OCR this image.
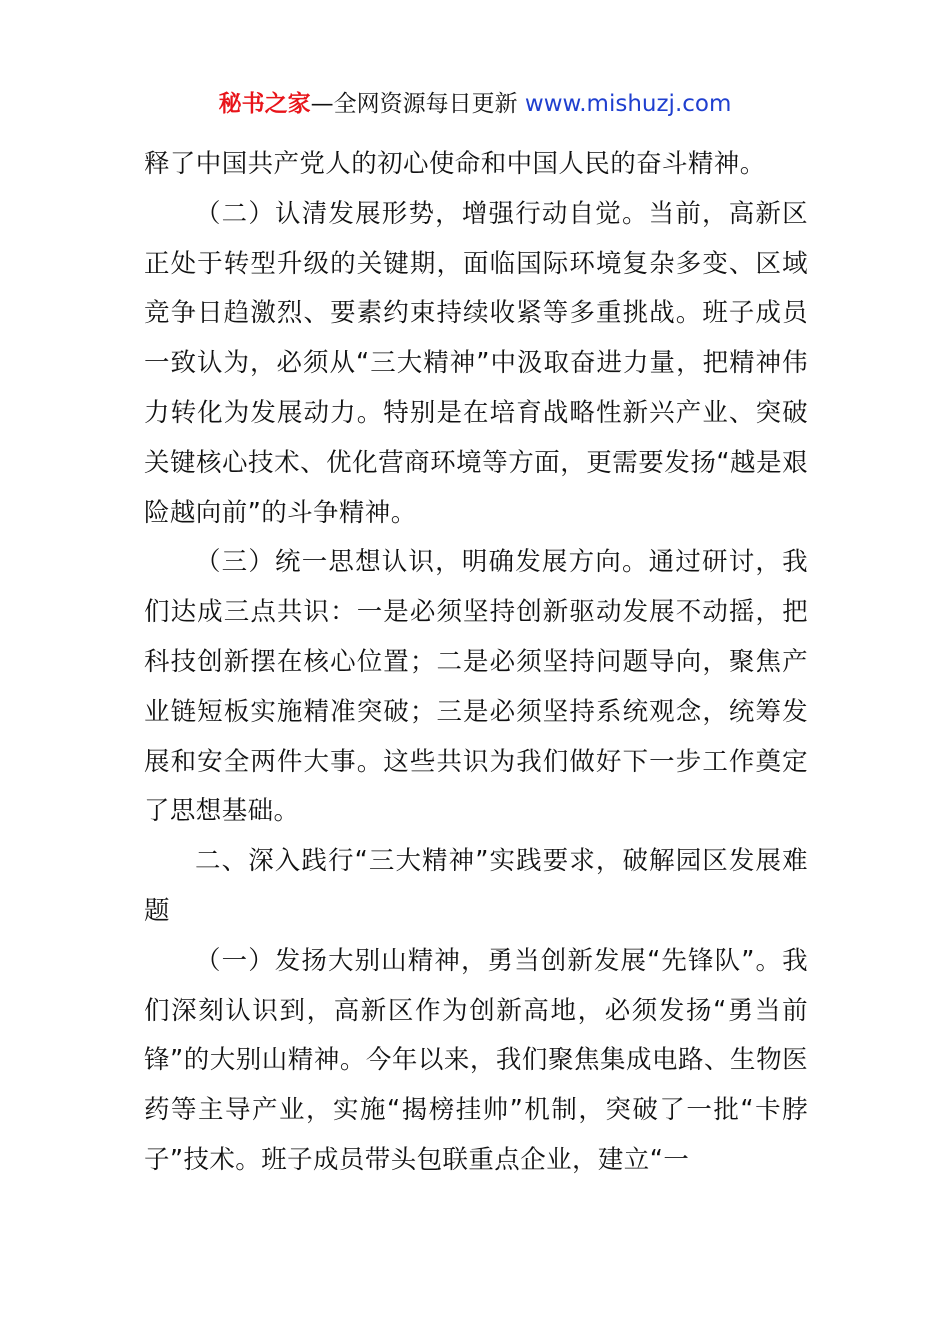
秘书之家—全网资源每日更新 www.mishuzj.com

释了中国共产党人的初心使命和中国人民的奋斗精神。

（二）认清发展形势，增强行动自觉。当前，高新区正处于转型升级的关键期，面临国际环境复杂多变、区域竞争日趋激烈、要素约束持续收紧等多重挑战。班子成员一致认为，必须从“三大精神”中汲取奋进力量，把精神伟力转化为发展动力。特别是在培育战略性新兴产业、突破关键核心技术、优化营商环境等方面，更需要发扬“越是艰险越向前”的斗争精神。

（三）统一思想认识，明确发展方向。通过研讨，我们达成三点共识：一是必须坚持创新驱动发展不动摇，把科技创新摆在核心位置；二是必须坚持问题导向，聚焦产业链短板实施精准突破；三是必须坚持系统观念，统筹发展和安全两件大事。这些共识为我们做好下一步工作奠定了思想基础。

二、深入践行“三大精神”实践要求，破解园区发展难题

（一）发扬大别山精神，勇当创新发展“先锋队”。我们深刻认识到，高新区作为创新高地，必须发扬“勇当前锋”的大别山精神。今年以来，我们聚焦集成电路、生物医药等主导产业，实施“揭榜挂帅”机制，突破了一批“卡脖子”技术。班子成员带头包联重点企业，建立“一
